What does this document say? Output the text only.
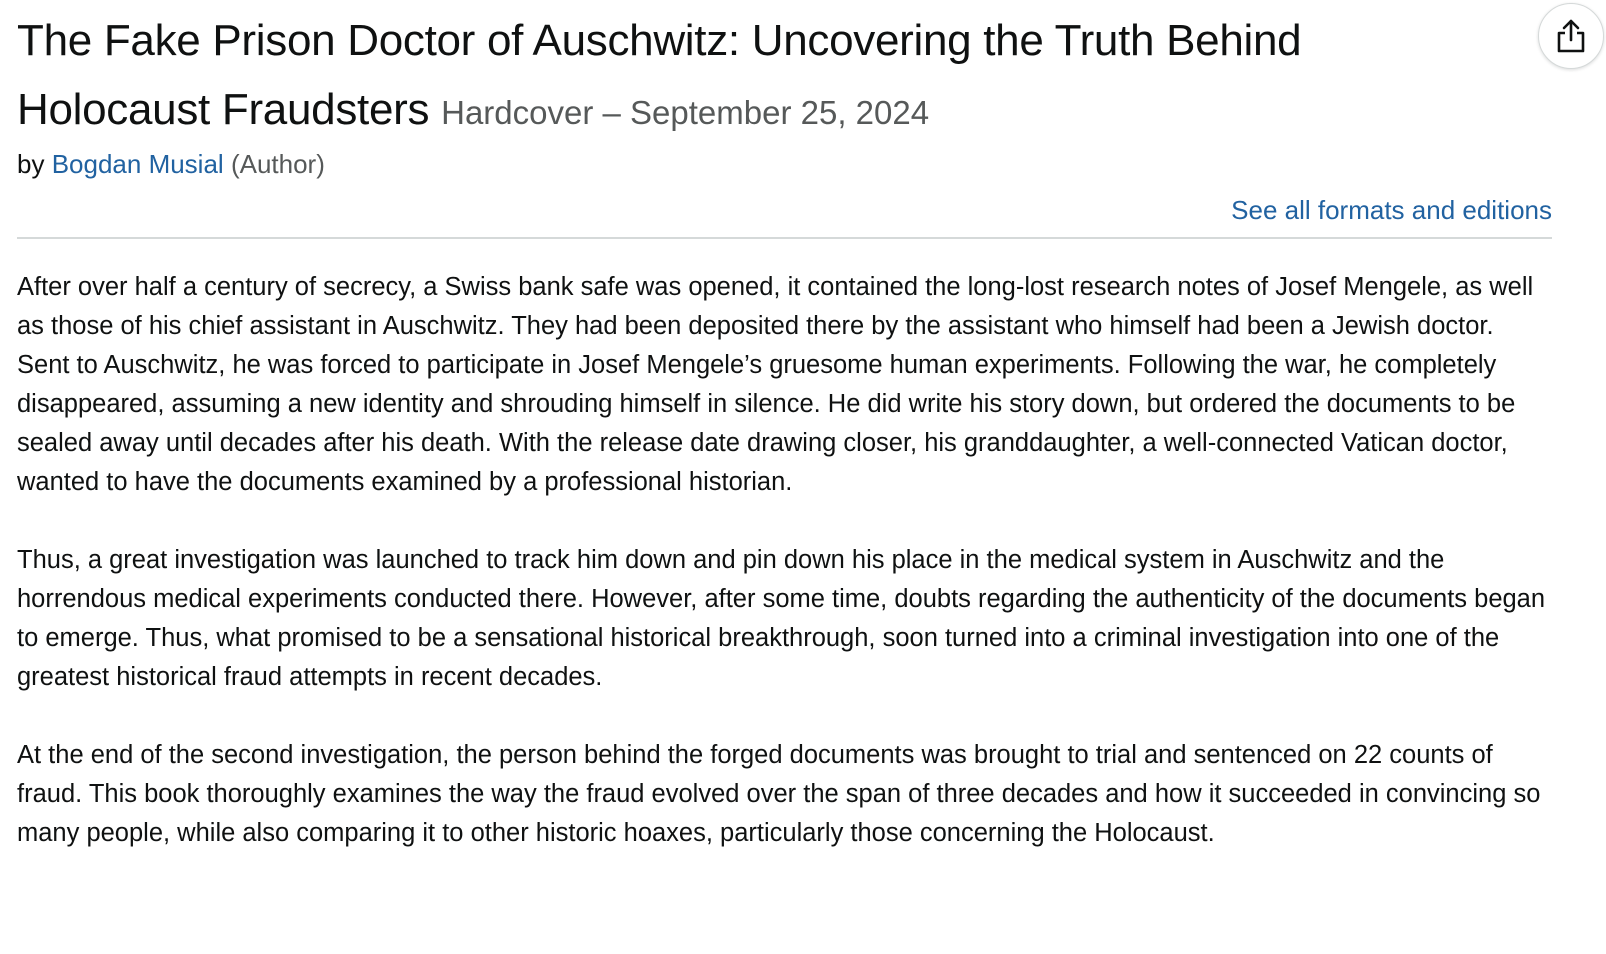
The Fake Prison Doctor of Auschwitz: Uncovering the Truth Behind Holocaust Fraudsters Hardcover – September 25, 2024
by Bogdan Musial (Author)
See all formats and editions

After over half a century of secrecy, a Swiss bank safe was opened, it contained the long-lost research notes of Josef Mengele, as well as those of his chief assistant in Auschwitz. They had been deposited there by the assistant who himself had been a Jewish doctor. Sent to Auschwitz, he was forced to participate in Josef Mengele’s gruesome human experiments. Following the war, he completely disappeared, assuming a new identity and shrouding himself in silence. He did write his story down, but ordered the documents to be sealed away until decades after his death. With the release date drawing closer, his granddaughter, a well-connected Vatican doctor, wanted to have the documents examined by a professional historian.

Thus, a great investigation was launched to track him down and pin down his place in the medical system in Auschwitz and the horrendous medical experiments conducted there. However, after some time, doubts regarding the authenticity of the documents began to emerge. Thus, what promised to be a sensational historical breakthrough, soon turned into a criminal investigation into one of the greatest historical fraud attempts in recent decades.

At the end of the second investigation, the person behind the forged documents was brought to trial and sentenced on 22 counts of fraud. This book thoroughly examines the way the fraud evolved over the span of three decades and how it succeeded in convincing so many people, while also comparing it to other historic hoaxes, particularly those concerning the Holocaust.
